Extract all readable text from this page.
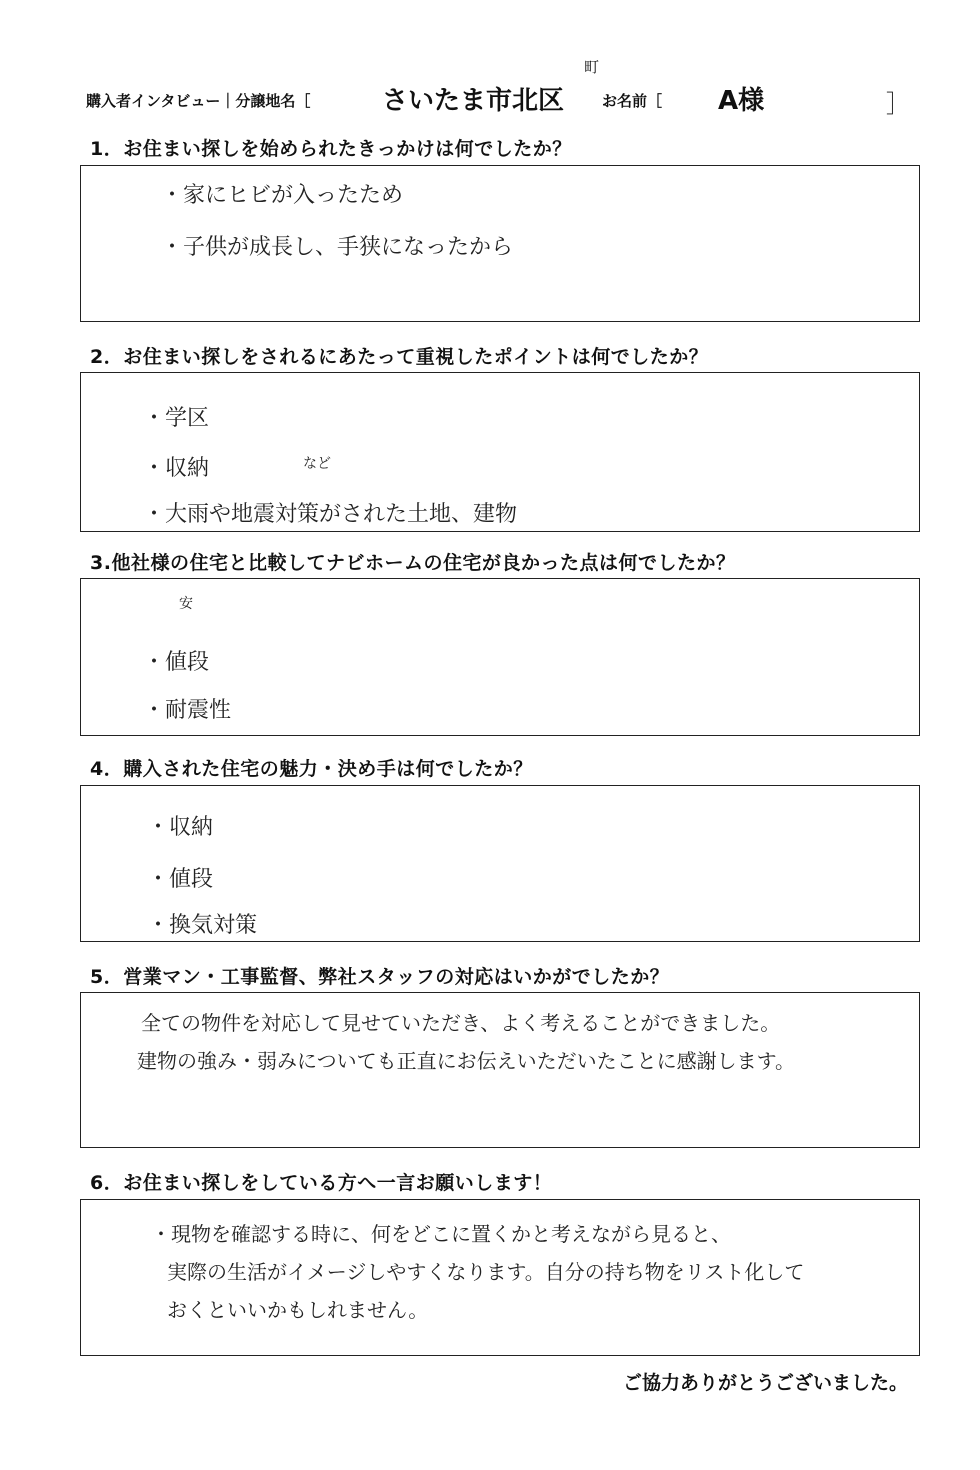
購入者インタビュー｜分譲地名［	さいたま市北区
町
お名前［ A様	］
1．お住まい探しを始められたきっかけは何でしたか？
・家にヒビが入ったため
・子供が成長し、手狭になったから
2．お住まい探しをされるにあたって重視したポイントは何でしたか？
・学区
・収納	など
・大雨や地震対策がされた土地、建物
3.他社様の住宅と比較してナビホームの住宅が良かった点は何でしたか？
安
・値段
・耐震性
4．購入された住宅の魅力・決め手は何でしたか？
・収納
・値段
・換気対策
5．営業マン・工事監督、弊社スタッフの対応はいかがでしたか？
全ての物件を対応して見せていただき、よく考えることができました。
建物の強み・弱みについても正直にお伝えいただいたことに感謝します。
6．お住まい探しをしている方へ一言お願いします！
・現物を確認する時に、何をどこに置くかと考えながら見ると、
実際の生活がイメージしやすくなります。自分の持ち物をリスト化して
おくといいかもしれません。
ご協力ありがとうございました。
